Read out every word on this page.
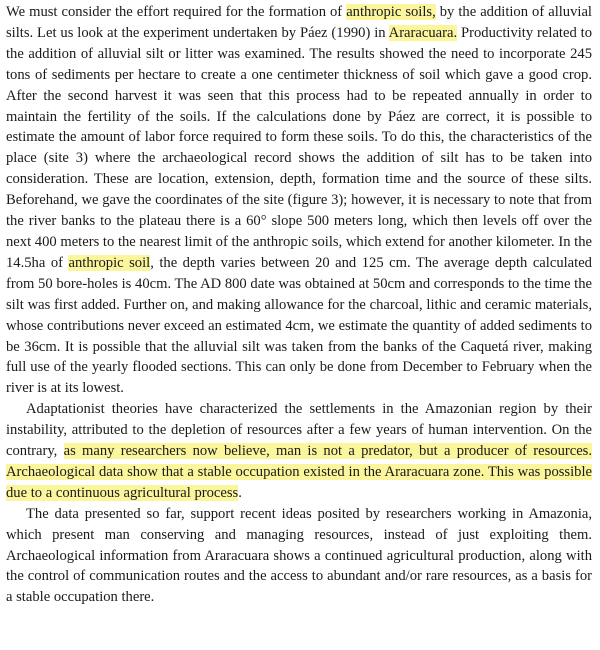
We must consider the effort required for the formation of anthropic soils, by the addition of alluvial silts. Let us look at the experiment undertaken by Páez (1990) in Araracuara. Productivity related to the addition of alluvial silt or litter was examined. The results showed the need to incorporate 245 tons of sediments per hectare to create a one centimeter thickness of soil which gave a good crop. After the second harvest it was seen that this process had to be repeated annually in order to maintain the fertility of the soils. If the calculations done by Páez are correct, it is possible to estimate the amount of labor force required to form these soils. To do this, the characteristics of the place (site 3) where the archaeological record shows the addition of silt has to be taken into consideration. These are location, extension, depth, formation time and the source of these silts. Beforehand, we gave the coordinates of the site (figure 3); however, it is necessary to note that from the river banks to the plateau there is a 60° slope 500 meters long, which then levels off over the next 400 meters to the nearest limit of the anthropic soils, which extend for another kilometer. In the 14.5ha of anthropic soil, the depth varies between 20 and 125 cm. The average depth calculated from 50 bore-holes is 40cm. The AD 800 date was obtained at 50cm and corresponds to the time the silt was first added. Further on, and making allowance for the charcoal, lithic and ceramic materials, whose contributions never exceed an estimated 4cm, we estimate the quantity of added sediments to be 36cm. It is possible that the alluvial silt was taken from the banks of the Caquetá river, making full use of the yearly flooded sections. This can only be done from December to February when the river is at its lowest.

Adaptationist theories have characterized the settlements in the Amazonian region by their instability, attributed to the depletion of resources after a few years of human intervention. On the contrary, as many researchers now believe, man is not a predator, but a producer of resources. Archaeological data show that a stable occupation existed in the Araracuara zone. This was possible due to a continuous agricultural process.

The data presented so far, support recent ideas posited by researchers working in Amazonia, which present man conserving and managing resources, instead of just exploiting them. Archaeological information from Araracuara shows a continued agricultural production, along with the control of communication routes and the access to abundant and/or rare resources, as a basis for a stable occupation there.
